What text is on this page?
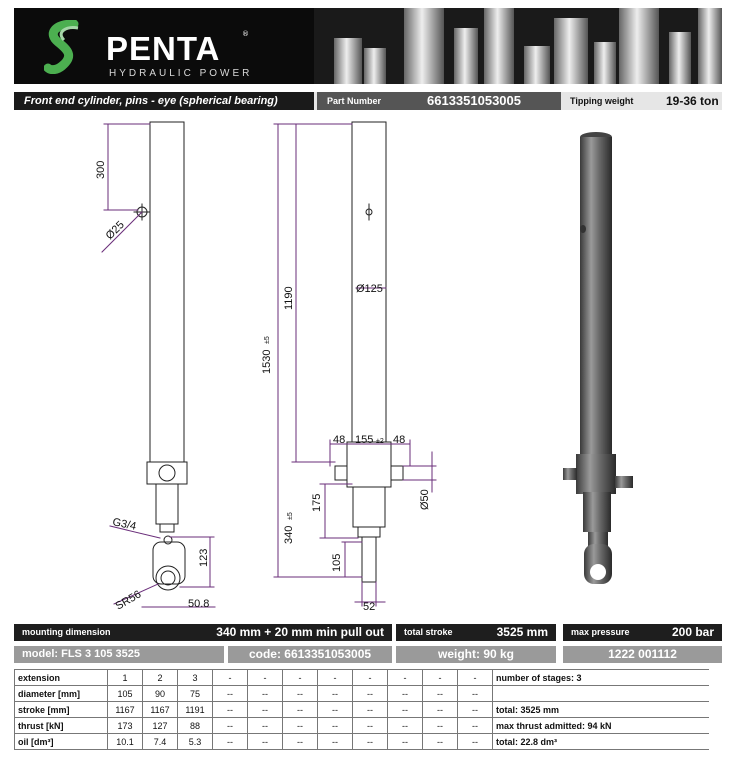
PENTA	®
HYDRAULIC POWER
Front end cylinder, pins - eye (spherical bearing)	Part Number	6613351053005	Tipping weight	19-36 ton
300
Ø25
G3/4
123
SR56	50.8
1530
±5
1190	Ø125
48 155 ±2 48
175	Ø50
340
±5
105
52
mounting dimension	340 mm + 20 mm min pull out total stroke	3525 mm	max pressure	200 bar
model: FLS 3 105 3525	code: 6613351053005	weight: 90 kg	1222 001112
extension	1	2	3	-	-	-	-	-	-	-	-	number of stages: 3
diameter [mm]	105	90	75	--	--	--	--	--	--	--	--	
stroke [mm]	1167	1167	1191	--	--	--	--	--	--	--	--	total: 3525 mm
thrust [kN]	173	127	88	--	--	--	--	--	--	--	--	max thrust admitted: 94 kN
oil [dm³]	10.1	7.4	5.3	--	--	--	--	--	--	--	--	total: 22.8 dm³
